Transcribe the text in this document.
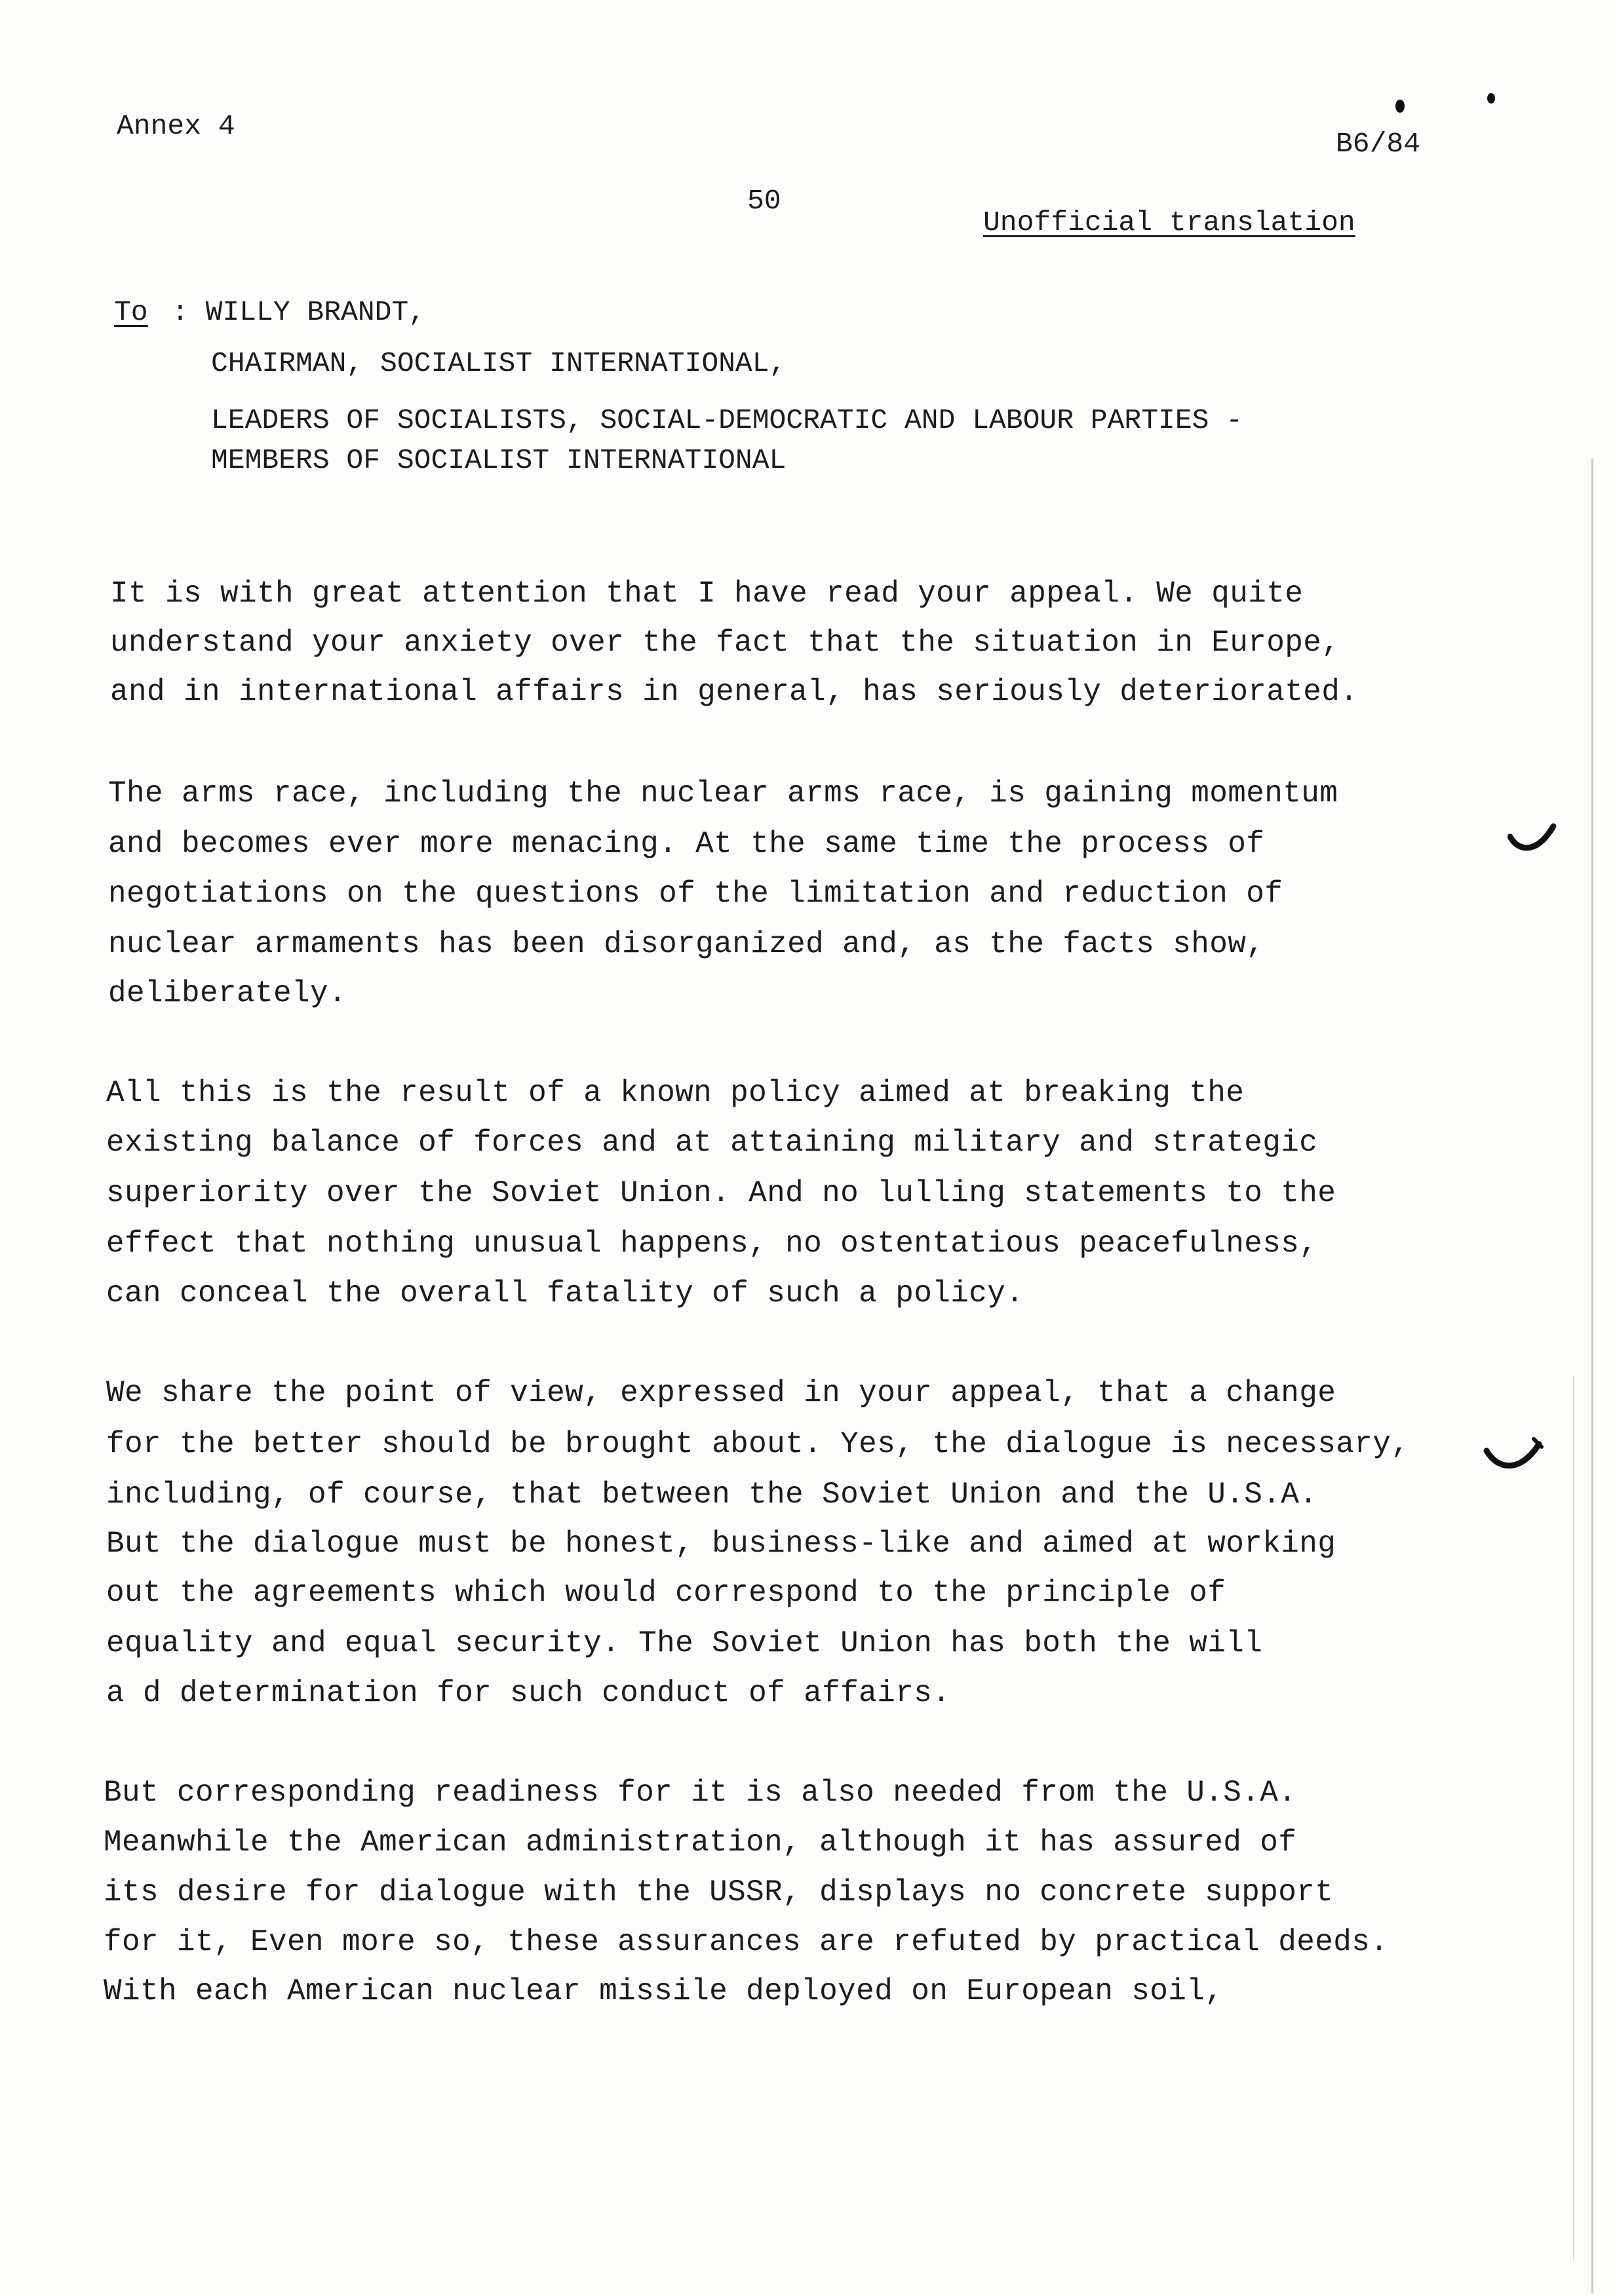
Annex 4
B6/84
50
Unofficial translation
To : WILLY BRANDT,
CHAIRMAN, SOCIALIST INTERNATIONAL,
LEADERS OF SOCIALISTS, SOCIAL-DEMOCRATIC AND LABOUR PARTIES -
MEMBERS OF SOCIALIST INTERNATIONAL
It is with great attention that I have read your appeal. We quite
understand your anxiety over the fact that the situation in Europe,
and in international affairs in general, has seriously deteriorated.
The arms race, including the nuclear arms race, is gaining momentum
and becomes ever more menacing. At the same time the process of
negotiations on the questions of the limitation and reduction of
nuclear armaments has been disorganized and, as the facts show,
deliberately.
All this is the result of a known policy aimed at breaking the
existing balance of forces and at attaining military and strategic
superiority over the Soviet Union. And no lulling statements to the
effect that nothing unusual happens, no ostentatious peacefulness,
can conceal the overall fatality of such a policy.
We share the point of view, expressed in your appeal, that a change
for the better should be brought about. Yes, the dialogue is necessary,
including, of course, that between the Soviet Union and the U.S.A.
But the dialogue must be honest, business-like and aimed at working
out the agreements which would correspond to the principle of
equality and equal security. The Soviet Union has both the will
a d determination for such conduct of affairs.
But corresponding readiness for it is also needed from the U.S.A.
Meanwhile the American administration, although it has assured of
its desire for dialogue with the USSR, displays no concrete support
for it, Even more so, these assurances are refuted by practical deeds.
With each American nuclear missile deployed on European soil,
